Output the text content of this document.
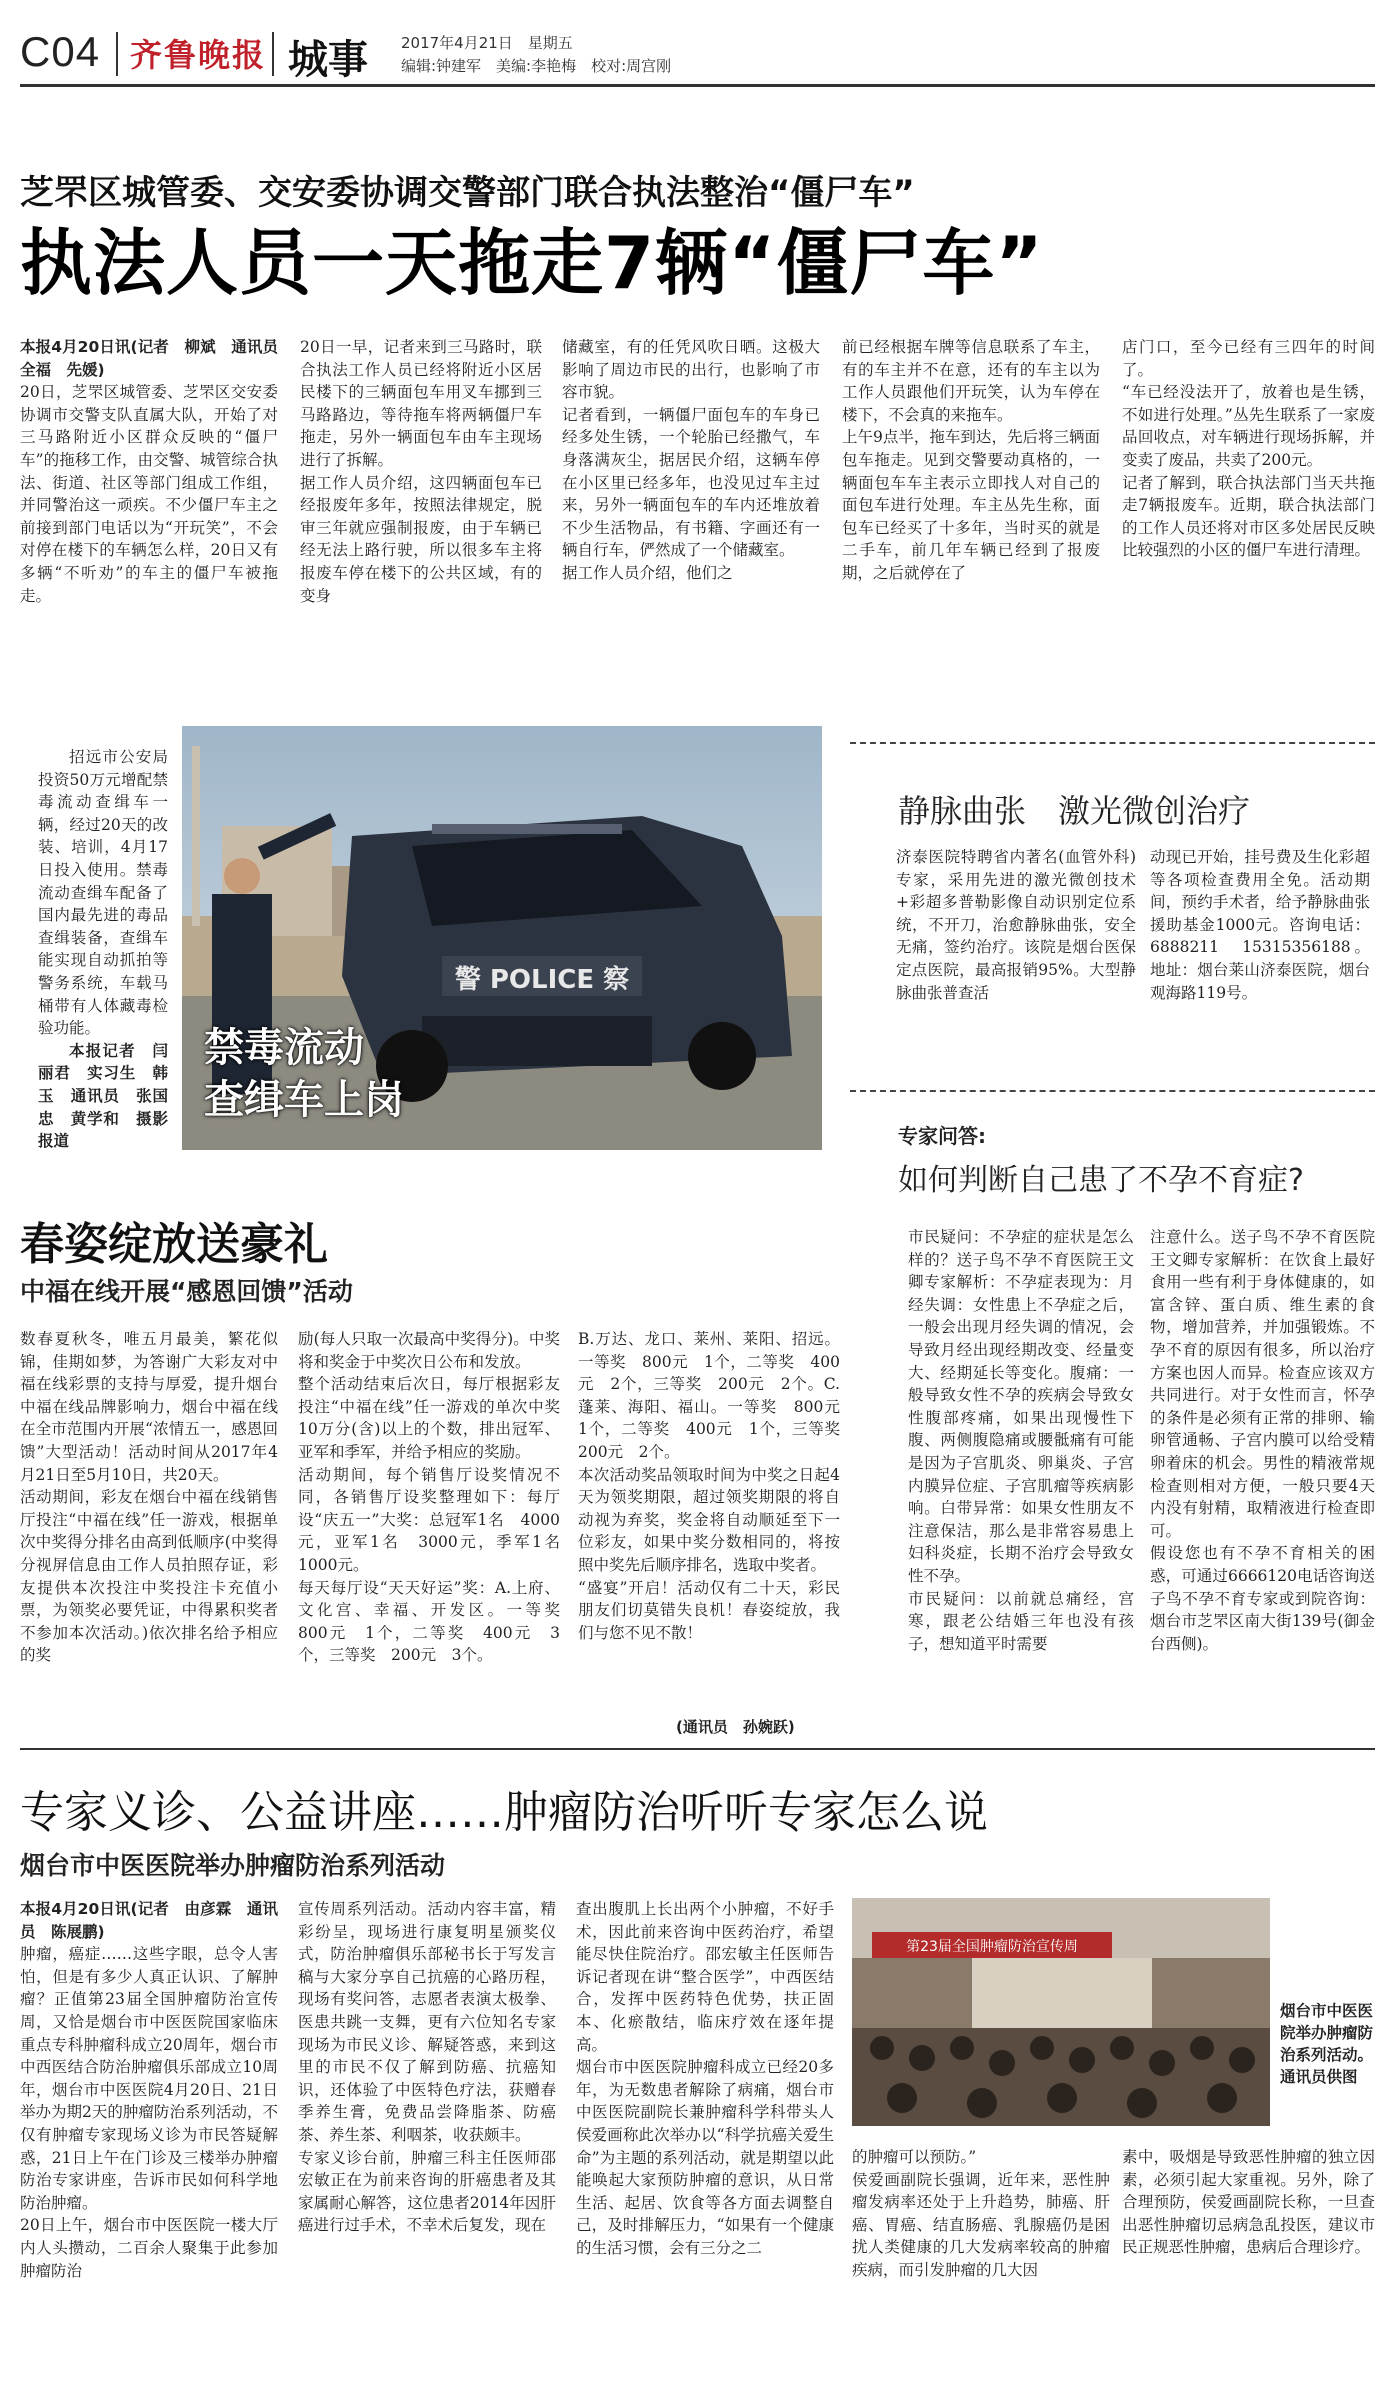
C04 齐鲁晚报 城事 2017年4月21日　星期五
编辑:钟建军　美编:李艳梅　校对:周宫刚
芝罘区城管委、交安委协调交警部门联合执法整治“僵尸车”
执法人员一天拖走7辆“僵尸车”

本报4月20日讯(记者　柳斌　通讯员　全福　先媛)

20日，芝罘区城管委、芝罘区交安委协调市交警支队直属大队，开始了对三马路附近小区群众反映的“僵尸车”的拖移工作，由交警、城管综合执法、街道、社区等部门组成工作组，并同警治这一顽疾。不少僵尸车主之前接到部门电话以为“开玩笑”，不会对停在楼下的车辆怎么样，20日又有多辆“不听劝”的车主的僵尸车被拖走。

20日一早，记者来到三马路时，联合执法工作人员已经将附近小区居民楼下的三辆面包车用叉车挪到三马路路边，等待拖车将两辆僵尸车拖走，另外一辆面包车由车主现场进行了拆解。
据工作人员介绍，这四辆面包车已经报废年多年，按照法律规定，脱审三年就应强制报废，由于车辆已经无法上路行驶，所以很多车主将报废车停在楼下的公共区域，有的变身
储藏室，有的任凭风吹日晒。这极大影响了周边市民的出行，也影响了市容市貌。
记者看到，一辆僵尸面包车的车身已经多处生锈，一个轮胎已经撒气，车身落满灰尘，据居民介绍，这辆车停在小区里已经多年，也没见过车主过来，另外一辆面包车的车内还堆放着不少生活物品，有书籍、字画还有一辆自行车，俨然成了一个储藏室。
据工作人员介绍，他们之
前已经根据车牌等信息联系了车主，有的车主并不在意，还有的车主以为工作人员跟他们开玩笑，认为车停在楼下，不会真的来拖车。
上午9点半，拖车到达，先后将三辆面包车拖走。见到交警要动真格的，一辆面包车车主表示立即找人对自己的面包车进行处理。车主丛先生称，面包车已经买了十多年，当时买的就是二手车，前几年车辆已经到了报废期，之后就停在了
店门口，至今已经有三四年的时间了。
“车已经没法开了，放着也是生锈，不如进行处理。”丛先生联系了一家废品回收点，对车辆进行现场拆解，并变卖了废品，共卖了200元。
记者了解到，联合执法部门当天共拖走7辆报废车。近期，联合执法部门的工作人员还将对市区多处居民反映比较强烈的小区的僵尸车进行清理。

招远市公安局投资50万元增配禁毒流动查缉车一辆，经过20天的改装、培训，4月17日投入使用。禁毒流动查缉车配备了国内最先进的毒品查缉装备，查缉车能实现自动抓拍等警务系统，车载马桶带有人体藏毒检验功能。

本报记者　闫丽君　实习生　韩玉　通讯员　张国忠　黄学和　摄影报道

警 POLICE 察
禁毒流动
查缉车上岗
静脉曲张　激光微创治疗
济泰医院特聘省内著名(血管外科)专家，采用先进的激光微创技术+彩超多普勒影像自动识别定位系统，不开刀，治愈静脉曲张，安全无痛，签约治疗。该院是烟台医保定点医院，最高报销95%。大型静脉曲张普查活
动现已开始，挂号费及生化彩超等各项检查费用全免。活动期间，预约手术者，给予静脉曲张援助基金1000元。咨询电话：6888211　15315356188。地址：烟台莱山济泰医院，烟台观海路119号。
专家问答:
如何判断自己患了不孕不育症?
市民疑问：不孕症的症状是怎么样的？送子鸟不孕不育医院王文卿专家解析：不孕症表现为：月经失调：女性患上不孕症之后，一般会出现月经失调的情况，会导致月经出现经期改变、经量变大、经期延长等变化。腹痛：一般导致女性不孕的疾病会导致女性腹部疼痛，如果出现慢性下腹、两侧腹隐痛或腰骶痛有可能是因为子宫肌炎、卵巢炎、子宫内膜异位症、子宫肌瘤等疾病影响。白带异常：如果女性朋友不注意保洁，那么是非常容易患上妇科炎症，长期不治疗会导致女性不孕。
市民疑问：以前就总痛经，宫寒，跟老公结婚三年也没有孩子，想知道平时需要
注意什么。送子鸟不孕不育医院王文卿专家解析：在饮食上最好食用一些有利于身体健康的，如富含锌、蛋白质、维生素的食物，增加营养，并加强锻炼。不孕不育的原因有很多，所以治疗方案也因人而异。检查应该双方共同进行。对于女性而言，怀孕的条件是必须有正常的排卵、输卵管通畅、子宫内膜可以给受精卵着床的机会。男性的精液常规检查则相对方便，一般只要4天内没有射精，取精液进行检查即可。
假设您也有不孕不育相关的困惑，可通过6666120电话咨询送子鸟不孕不育专家或到院咨询：烟台市芝罘区南大街139号(御金台西侧)。
春姿绽放送豪礼
中福在线开展“感恩回馈”活动
数春夏秋冬，唯五月最美，繁花似锦，佳期如梦，为答谢广大彩友对中福在线彩票的支持与厚爱，提升烟台中福在线品牌影响力，烟台中福在线在全市范围内开展“浓情五一，感恩回馈”大型活动！活动时间从2017年4月21日至5月10日，共20天。
活动期间，彩友在烟台中福在线销售厅投注“中福在线”任一游戏，根据单次中奖得分排名由高到低顺序(中奖得分视屏信息由工作人员拍照存证，彩友提供本次投注中奖投注卡充值小票，为领奖必要凭证，中得累积奖者不参加本次活动。)依次排名给予相应的奖
励(每人只取一次最高中奖得分)。中奖将和奖金于中奖次日公布和发放。
整个活动结束后次日，每厅根据彩友投注“中福在线”任一游戏的单次中奖10万分(含)以上的个数，排出冠军、亚军和季军，并给予相应的奖励。
活动期间，每个销售厅设奖情况不同，各销售厅设奖整理如下：每厅设“庆五一”大奖：总冠军1名　4000元，亚军1名　3000元，季军1名　1000元。
每天每厅设“天天好运”奖：A.上府、文化宫、幸福、开发区。一等奖　800元　1个，二等奖　400元　3个，三等奖　200元　3个。
B.万达、龙口、莱州、莱阳、招远。一等奖　800元　1个，二等奖　400元　2个，三等奖　200元　2个。C.蓬莱、海阳、福山。一等奖　800元　1个，二等奖　400元　1个，三等奖　200元　2个。
本次活动奖品领取时间为中奖之日起4天为领奖期限，超过领奖期限的将自动视为弃奖，奖金将自动顺延至下一位彩友，如果中奖分数相同的，将按照中奖先后顺序排名，选取中奖者。
“盛宴”开启！活动仅有二十天，彩民朋友们切莫错失良机！春姿绽放，我们与您不见不散！
(通讯员　孙婉跃)
专家义诊、公益讲座……肿瘤防治听听专家怎么说
烟台市中医医院举办肿瘤防治系列活动

本报4月20日讯(记者　由彦霖　通讯员　陈展鹏)

肿瘤，癌症……这些字眼，总令人害怕，但是有多少人真正认识、了解肿瘤？正值第23届全国肿瘤防治宣传周，又恰是烟台市中医医院国家临床重点专科肿瘤科成立20周年，烟台市中西医结合防治肿瘤俱乐部成立10周年，烟台市中医医院4月20日、21日举办为期2天的肿瘤防治系列活动，不仅有肿瘤专家现场义诊为市民答疑解惑，21日上午在门诊及三楼举办肿瘤防治专家讲座，告诉市民如何科学地防治肿瘤。
20日上午，烟台市中医医院一楼大厅内人头攒动，二百余人聚集于此参加肿瘤防治

宣传周系列活动。活动内容丰富，精彩纷呈，现场进行康复明星颁奖仪式，防治肿瘤俱乐部秘书长于写发言稿与大家分享自己抗癌的心路历程，现场有奖问答，志愿者表演太极拳、医患共跳一支舞，更有六位知名专家现场为市民义诊、解疑答惑，来到这里的市民不仅了解到防癌、抗癌知识，还体验了中医特色疗法，获赠春季养生膏，免费品尝降脂茶、防癌茶、养生茶、利咽茶，收获颇丰。
专家义诊台前，肿瘤三科主任医师邵宏敏正在为前来咨询的肝癌患者及其家属耐心解答，这位患者2014年因肝癌进行过手术，不幸术后复发，现在
查出腹肌上长出两个小肿瘤，不好手术，因此前来咨询中医药治疗，希望能尽快住院治疗。邵宏敏主任医师告诉记者现在讲“整合医学”，中西医结合，发挥中医药特色优势，扶正固本、化瘀散结，临床疗效在逐年提高。
烟台市中医医院肿瘤科成立已经20多年，为无数患者解除了病痛，烟台市中医医院副院长兼肿瘤科学科带头人侯爱画称此次举办以“科学抗癌关爱生命”为主题的系列活动，就是期望以此能唤起大家预防肿瘤的意识，从日常生活、起居、饮食等各方面去调整自己，及时排解压力，“如果有一个健康的生活习惯，会有三分之二
第23届全国肿瘤防治宣传周
烟台市中医医院举办肿瘤防治系列活动。通讯员供图
的肿瘤可以预防。”
侯爱画副院长强调，近年来，恶性肿瘤发病率还处于上升趋势，肺癌、肝癌、胃癌、结直肠癌、乳腺癌仍是困扰人类健康的几大发病率较高的肿瘤疾病，而引发肿瘤的几大因
素中，吸烟是导致恶性肿瘤的独立因素，必须引起大家重视。另外，除了合理预防，侯爱画副院长称，一旦查出恶性肿瘤切忌病急乱投医，建议市民正规恶性肿瘤，患病后合理诊疗。
